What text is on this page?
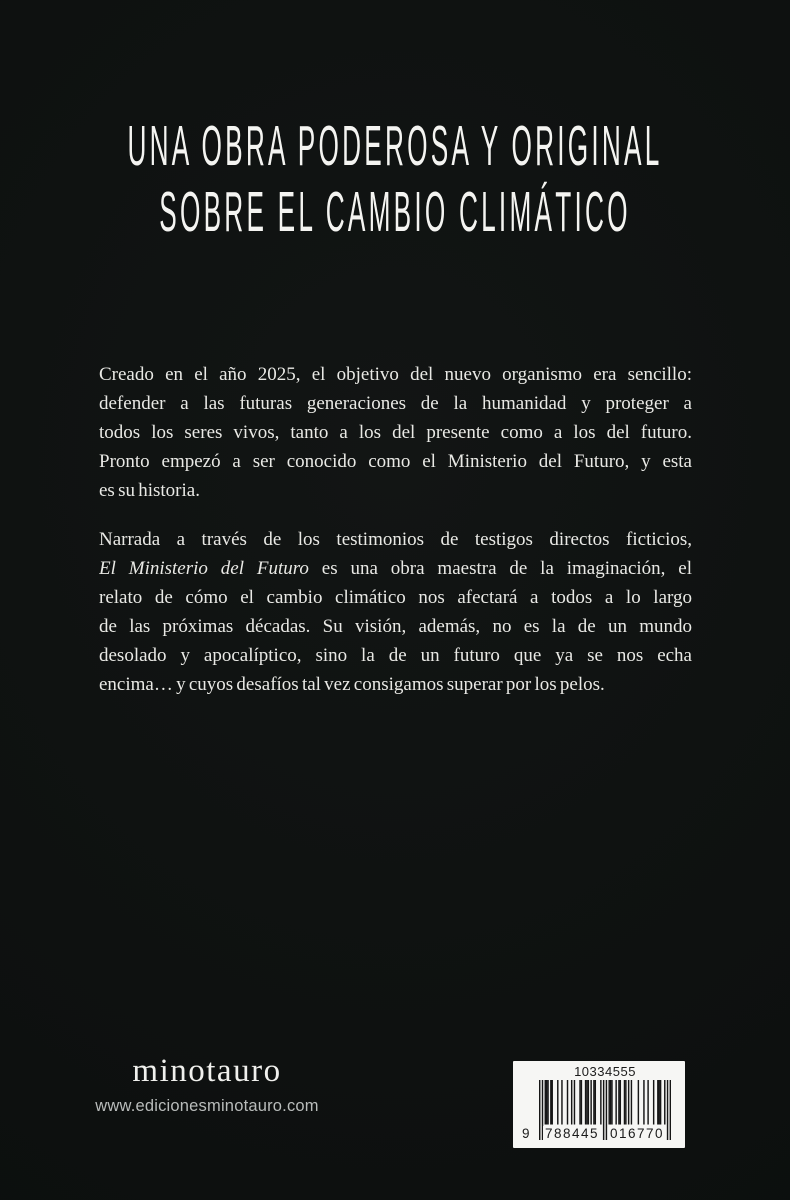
UNA OBRA PODEROSA Y ORIGINAL
SOBRE EL CAMBIO CLIMÁTICO
Creado en el año 2025, el objetivo del nuevo organismo era sencillo:
defender a las futuras generaciones de la humanidad y proteger a
todos los seres vivos, tanto a los del presente como a los del futuro.
Pronto empezó a ser conocido como el Ministerio del Futuro, y esta
es su historia.
Narrada a través de los testimonios de testigos directos ficticios,
El Ministerio del Futuro es una obra maestra de la imaginación, el
relato de cómo el cambio climático nos afectará a todos a lo largo
de las próximas décadas. Su visión, además, no es la de un mundo
desolado y apocalíptico, sino la de un futuro que ya se nos echa
encima… y cuyos desafíos tal vez consigamos superar por los pelos.
minotauro
www.edicionesminotauro.com
10334555
9 788445 016770
